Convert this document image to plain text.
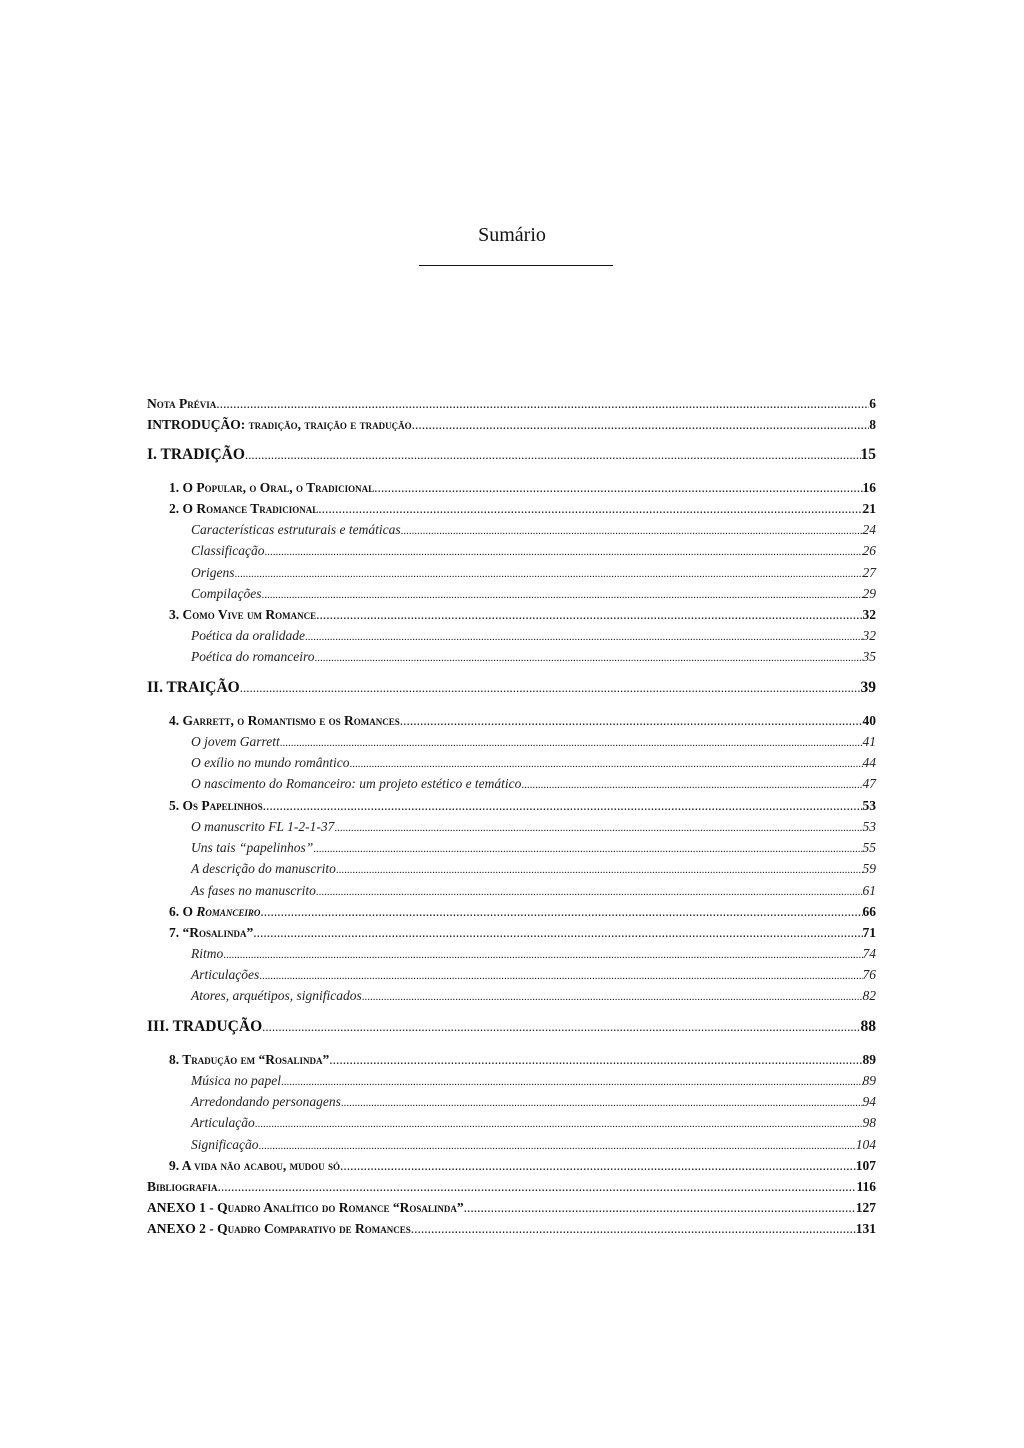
Sumário
Nota Prévia .....	6
INTRODUÇÃO: tradição, traição e tradução .....	8
I. TRADIÇÃO .....	15
1. O Popular, o Oral, o Tradicional .....	16
2. O Romance Tradicional .....	21
Características estruturais e temáticas .....	24
Classificação .....	26
Origens .....	27
Compilações .....	29
3. Como Vive um Romance .....	32
Poética da oralidade .....	32
Poética do romanceiro .....	35
II. TRAIÇÃO .....	39
4. Garrett, o Romantismo e os Romances .....	40
O jovem Garrett .....	41
O exílio no mundo romântico .....	44
O nascimento do Romanceiro: um projeto estético e temático .....	47
5. Os Papelinhos .....	53
O manuscrito FL 1-2-1-37 .....	53
Uns tais “papelinhos” .....	55
A descrição do manuscrito .....	59
As fases no manuscrito .....	61
6. O Romanceiro .....	66
7. “Rosalinda” .....	71
Ritmo .....	74
Articulações .....	76
Atores, arquétipos, significados .....	82
III. TRADUÇÃO .....	88
8. Tradução em “Rosalinda” .....	89
Música no papel .....	89
Arredondando personagens .....	94
Articulação .....	98
Significação .....	104
9. A vida não acabou, mudou só .....	107
Bibliografia .....	116
ANEXO 1 - Quadro Analítico do Romance “Rosalinda” .....	127
ANEXO 2 - Quadro Comparativo de Romances .....	131
